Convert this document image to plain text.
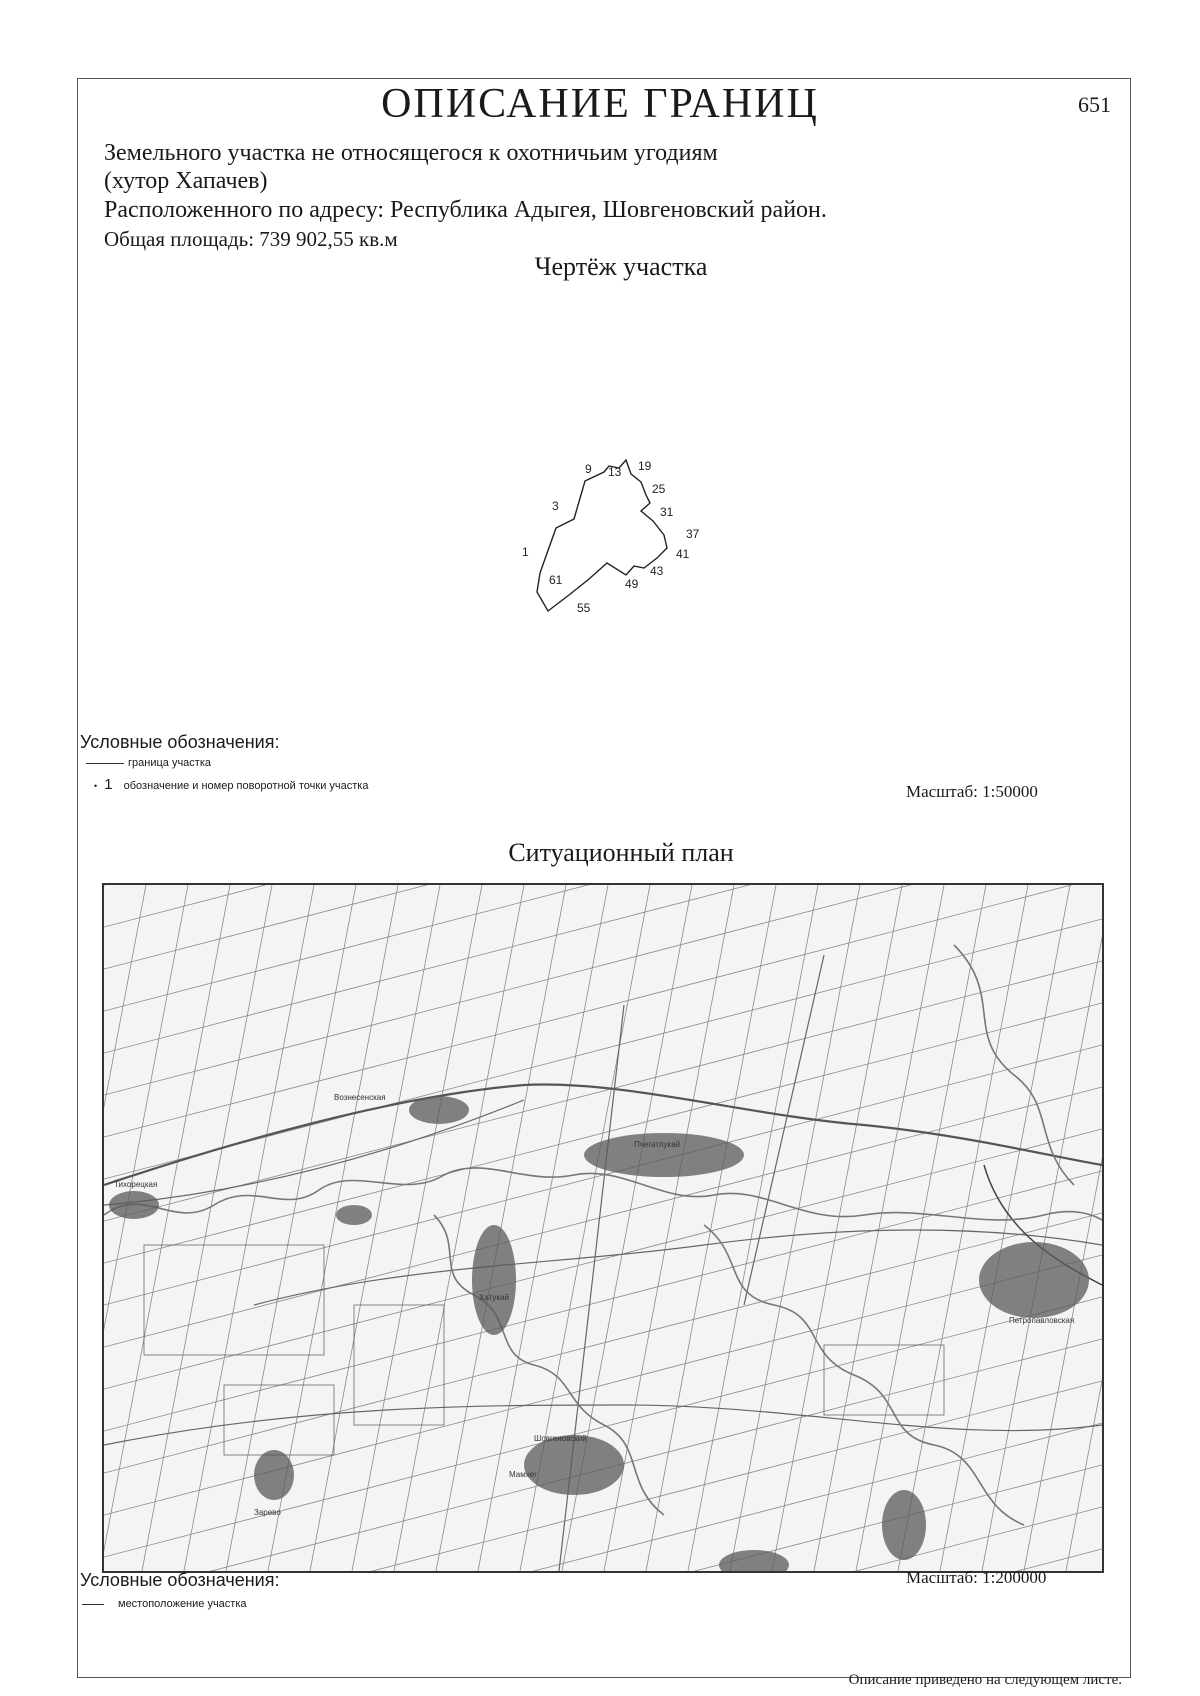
ОПИСАНИЕ ГРАНИЦ	651
Земельного участка не относящегося к охотничьим угодиям
(хутор Хапачев)
Расположенного по адресу: Республика Адыгея, Шовгеновский район.
Общая площадь: 739 902,55 кв.м
Чертёж участка
9 13 19
25
3	31
37
1	41
61
43
49
55
Условные обозначения:
граница участка
• 1 обозначение и номер поворотной точки участка	Масштаб: 1:50000
Ситуационный план
Вознесенская
Хатукай
Шовгеновский
Мамхег
Петропавловская
Тихорецкая
Пчегатлукай
Заревo
Условные обозначения:
местоположение участка
Масштаб: 1:200000
Описание приведено на следующем листе.
